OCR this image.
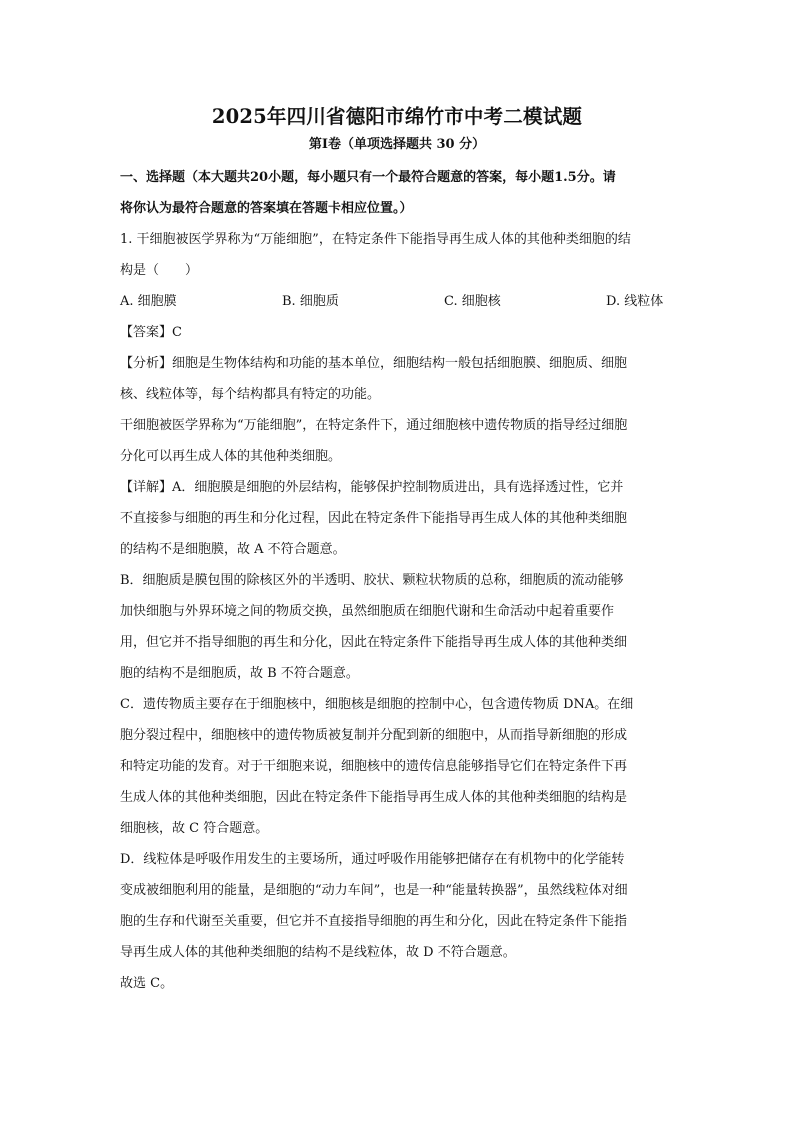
2025年四川省德阳市绵竹市中考二模试题
第Ⅰ卷（单项选择题共 30 分）

一、选择题（本大题共20小题，每小题只有一个最符合题意的答案，每小题1.5分。请

将你认为最符合题意的答案填在答题卡相应位置。）

1. 干细胞被医学界称为“万能细胞”，在特定条件下能指导再生成人体的其他种类细胞的结

构是（　　）

A. 细胞膜	B. 细胞质	C. 细胞核	D. 线粒体

【答案】C

【分析】细胞是生物体结构和功能的基本单位，细胞结构一般包括细胞膜、细胞质、细胞

核、线粒体等，每个结构都具有特定的功能。

干细胞被医学界称为“万能细胞”，在特定条件下，通过细胞核中遗传物质的指导经过细胞

分化可以再生成人体的其他种类细胞。

【详解】A．细胞膜是细胞的外层结构，能够保护控制物质进出，具有选择透过性，它并

不直接参与细胞的再生和分化过程，因此在特定条件下能指导再生成人体的其他种类细胞

的结构不是细胞膜，故 A 不符合题意。

B．细胞质是膜包围的除核区外的半透明、胶状、颗粒状物质的总称，细胞质的流动能够

加快细胞与外界环境之间的物质交换，虽然细胞质在细胞代谢和生命活动中起着重要作

用，但它并不指导细胞的再生和分化，因此在特定条件下能指导再生成人体的其他种类细

胞的结构不是细胞质，故 B 不符合题意。

C．遗传物质主要存在于细胞核中，细胞核是细胞的控制中心，包含遗传物质 DNA。在细

胞分裂过程中，细胞核中的遗传物质被复制并分配到新的细胞中，从而指导新细胞的形成

和特定功能的发育。对于干细胞来说，细胞核中的遗传信息能够指导它们在特定条件下再

生成人体的其他种类细胞，因此在特定条件下能指导再生成人体的其他种类细胞的结构是

细胞核，故 C 符合题意。

D．线粒体是呼吸作用发生的主要场所，通过呼吸作用能够把储存在有机物中的化学能转

变成被细胞利用的能量，是细胞的“动力车间”，也是一种“能量转换器”，虽然线粒体对细

胞的生存和代谢至关重要，但它并不直接指导细胞的再生和分化，因此在特定条件下能指

导再生成人体的其他种类细胞的结构不是线粒体，故 D 不符合题意。

故选 C。
